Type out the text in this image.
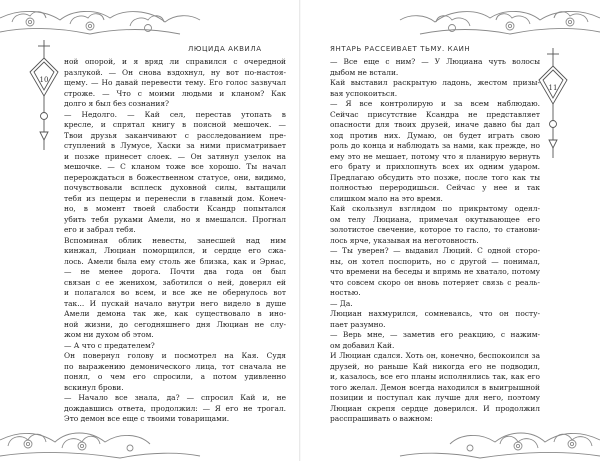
ЛЮЦИДА АКВИЛА	ЯНТАРЬ РАССЕИВАЕТ ТЬМУ. КАИН
10
11
ной опорой, и я вряд ли справился с очередной
разлукой. — Он снова вздохнул, ну вот по-настоя-
щему. — Но давай перевести тему. Его голос зазвучал
строже. — Что с моими людьми и кланом? Как
долго я был без сознания?
— Недолго. — Кай сел, перестав утопать в
кресле, и спрятал книгу в поясной мешочек. —
Твои друзья заканчивают с расследованием пре-
ступлений в Лумусе, Хаски за ними присматривает
и позже принесет слоек. — Он затянул узелок на
мешочке. — С кланом тоже все хорошо. Ты начал
перерождаться в божественном статусе, они, видимо,
почувствовали всплеск духовной силы, вытащили
тебя из пещеры и перенесли в главный дом. Конеч-
но, в момент твоей слабости Ксандр попытался
убить тебя руками Амели, но я вмешался. Прогнал
его и забрал тебя.
Вспоминая облик невесты, занесшей над ним
кинжал, Люциан поморщился, и сердце его сжа-
лось. Амели была ему столь же близка, как и Эрнас,
— не менее дорога. Почти два года он был
связан с ее женихом, заботился о ней, доверял ей
и полагался во всем, и все же не обернулось вот
так... И пускай начало внутри него видело в душе
Амели демона так же, как существовало в ино-
ной жизни, до сегодняшнего дня Люциан не слу-
жом ни духом об этом.
— А что с предателем?
Он повернул голову и посмотрел на Кая. Судя
по выражению демонического лица, тот сначала не
понял, о чем его спросили, а потом удивленно
вскинул брови.
— Начало все знала, да? — спросил Кай и, не
дождавшись ответа, продолжил: — Я его не трогал.
Это демон все еще с твоими товарищами.
— Все еще с ним? — У Люциана чуть волосы
дыбом не встали.
Кай выставил раскрытую ладонь, жестом призы-
вая успокоиться.
— Я все контролирую и за всем наблюдаю.
Сейчас присутствие Ксандра не представляет
опасности для твоих друзей, иначе давно бы дал
ход против них. Думаю, он будет играть свою
роль до конца и наблюдать за нами, как прежде, но
ему это не мешает, потому что я планирую вернуть
его брату и прихлопнуть всех их одним ударом.
Предлагаю обсудить это позже, после того как ты
полностью переродишься. Сейчас у нее и так
слишком мало на это время.
Кай скользнул взглядом по прикрытому одеял-
ом телу Люциана, примечая окутывающее его
золотистое свечение, которое то гасло, то станови-
лось ярче, указывая на неготовность.
— Ты уверен? — выдавил Люций. С одной сторо-
ны, он хотел поспорить, но с другой — понимал,
что времени на беседы и впрямь не хватало, потому
что совсем скоро он вновь потеряет связь с реаль-
ностью.
— Да.
Люциан нахмурился, сомневаясь, что он посту-
пает разумно.
— Верь мне, — заметив его реакцию, с нажим-
ом добавил Кай.
И Люциан сдался. Хоть он, конечно, беспокоился за
друзей, но раньше Кай никогда его не подводил,
и, казалось, все его планы исполнялись так, как его
того желал. Демон всегда находился в выигрышной
позиции и поступал как лучше для него, поэтому
Люциан скрепя сердце доверился. И продолжил
расспрашивать о важном:
